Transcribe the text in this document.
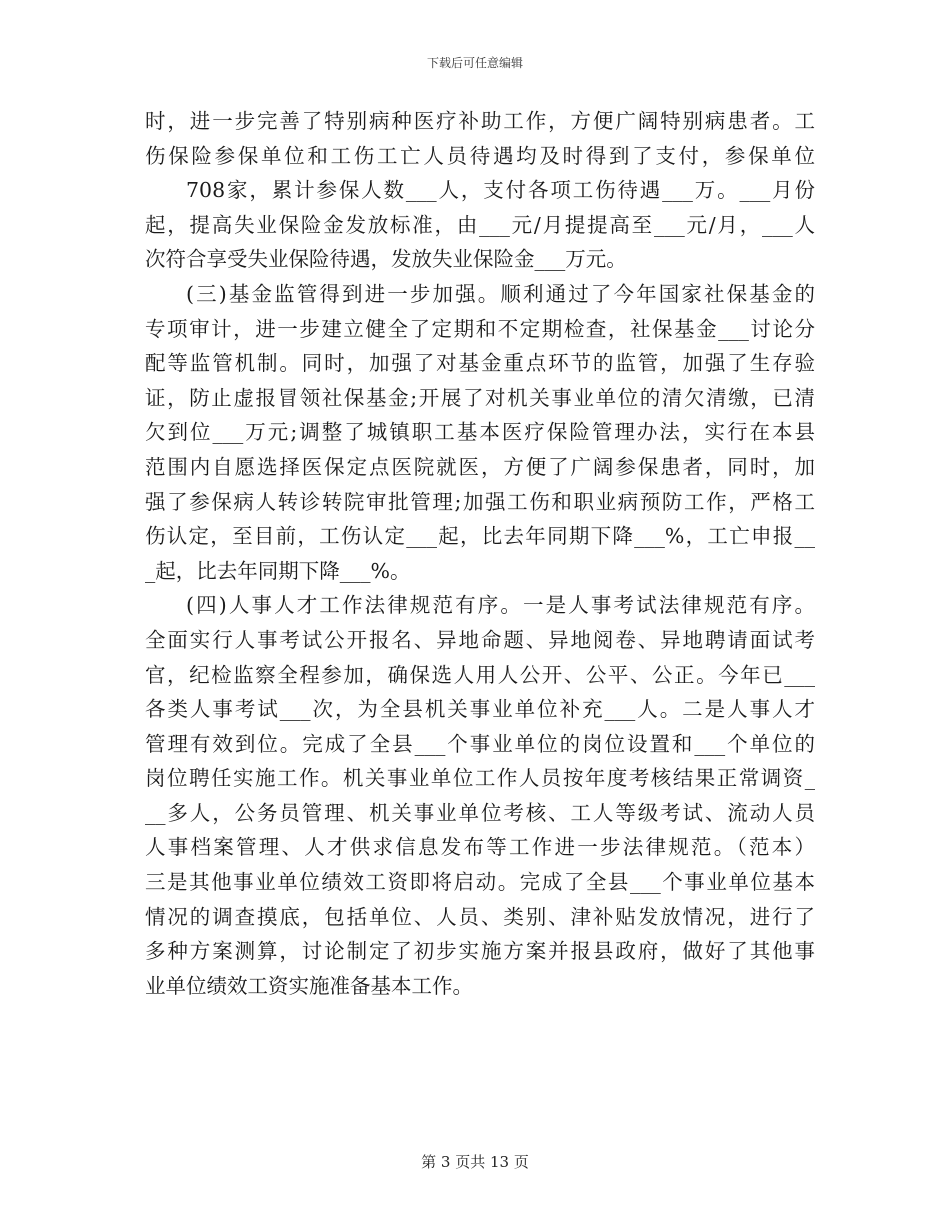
下载后可任意编辑
时，进一步完善了特别病种医疗补助工作，方便广阔特别病患者。工
伤保险参保单位和工伤工亡人员待遇均及时得到了支付，参保单位
708家，累计参保人数___人，支付各项工伤待遇___万。___月份
起，提高失业保险金发放标准，由___元/月提提高至___元/月，___人
次符合享受失业保险待遇，发放失业保险金___万元。
(三)基金监管得到进一步加强。顺利通过了今年国家社保基金的
专项审计，进一步建立健全了定期和不定期检查，社保基金___讨论分
配等监管机制。同时，加强了对基金重点环节的监管，加强了生存验
证，防止虚报冒领社保基金;开展了对机关事业单位的清欠清缴，已清
欠到位___万元;调整了城镇职工基本医疗保险管理办法，实行在本县
范围内自愿选择医保定点医院就医，方便了广阔参保患者，同时，加
强了参保病人转诊转院审批管理;加强工伤和职业病预防工作，严格工
伤认定，至目前，工伤认定___起，比去年同期下降___%，工亡申报__
_起，比去年同期下降___%。
(四)人事人才工作法律规范有序。一是人事考试法律规范有序。
全面实行人事考试公开报名、异地命题、异地阅卷、异地聘请面试考
官，纪检监察全程参加，确保选人用人公开、公平、公正。今年已___
各类人事考试___次，为全县机关事业单位补充___人。二是人事人才
管理有效到位。完成了全县___个事业单位的岗位设置和___个单位的
岗位聘任实施工作。机关事业单位工作人员按年度考核结果正常调资_
__多人，公务员管理、机关事业单位考核、工人等级考试、流动人员
人事档案管理、人才供求信息发布等工作进一步法律规范。（范本）
三是其他事业单位绩效工资即将启动。完成了全县___个事业单位基本
情况的调查摸底，包括单位、人员、类别、津补贴发放情况，进行了
多种方案测算，讨论制定了初步实施方案并报县政府，做好了其他事
业单位绩效工资实施准备基本工作。
第 3 页共 13 页
